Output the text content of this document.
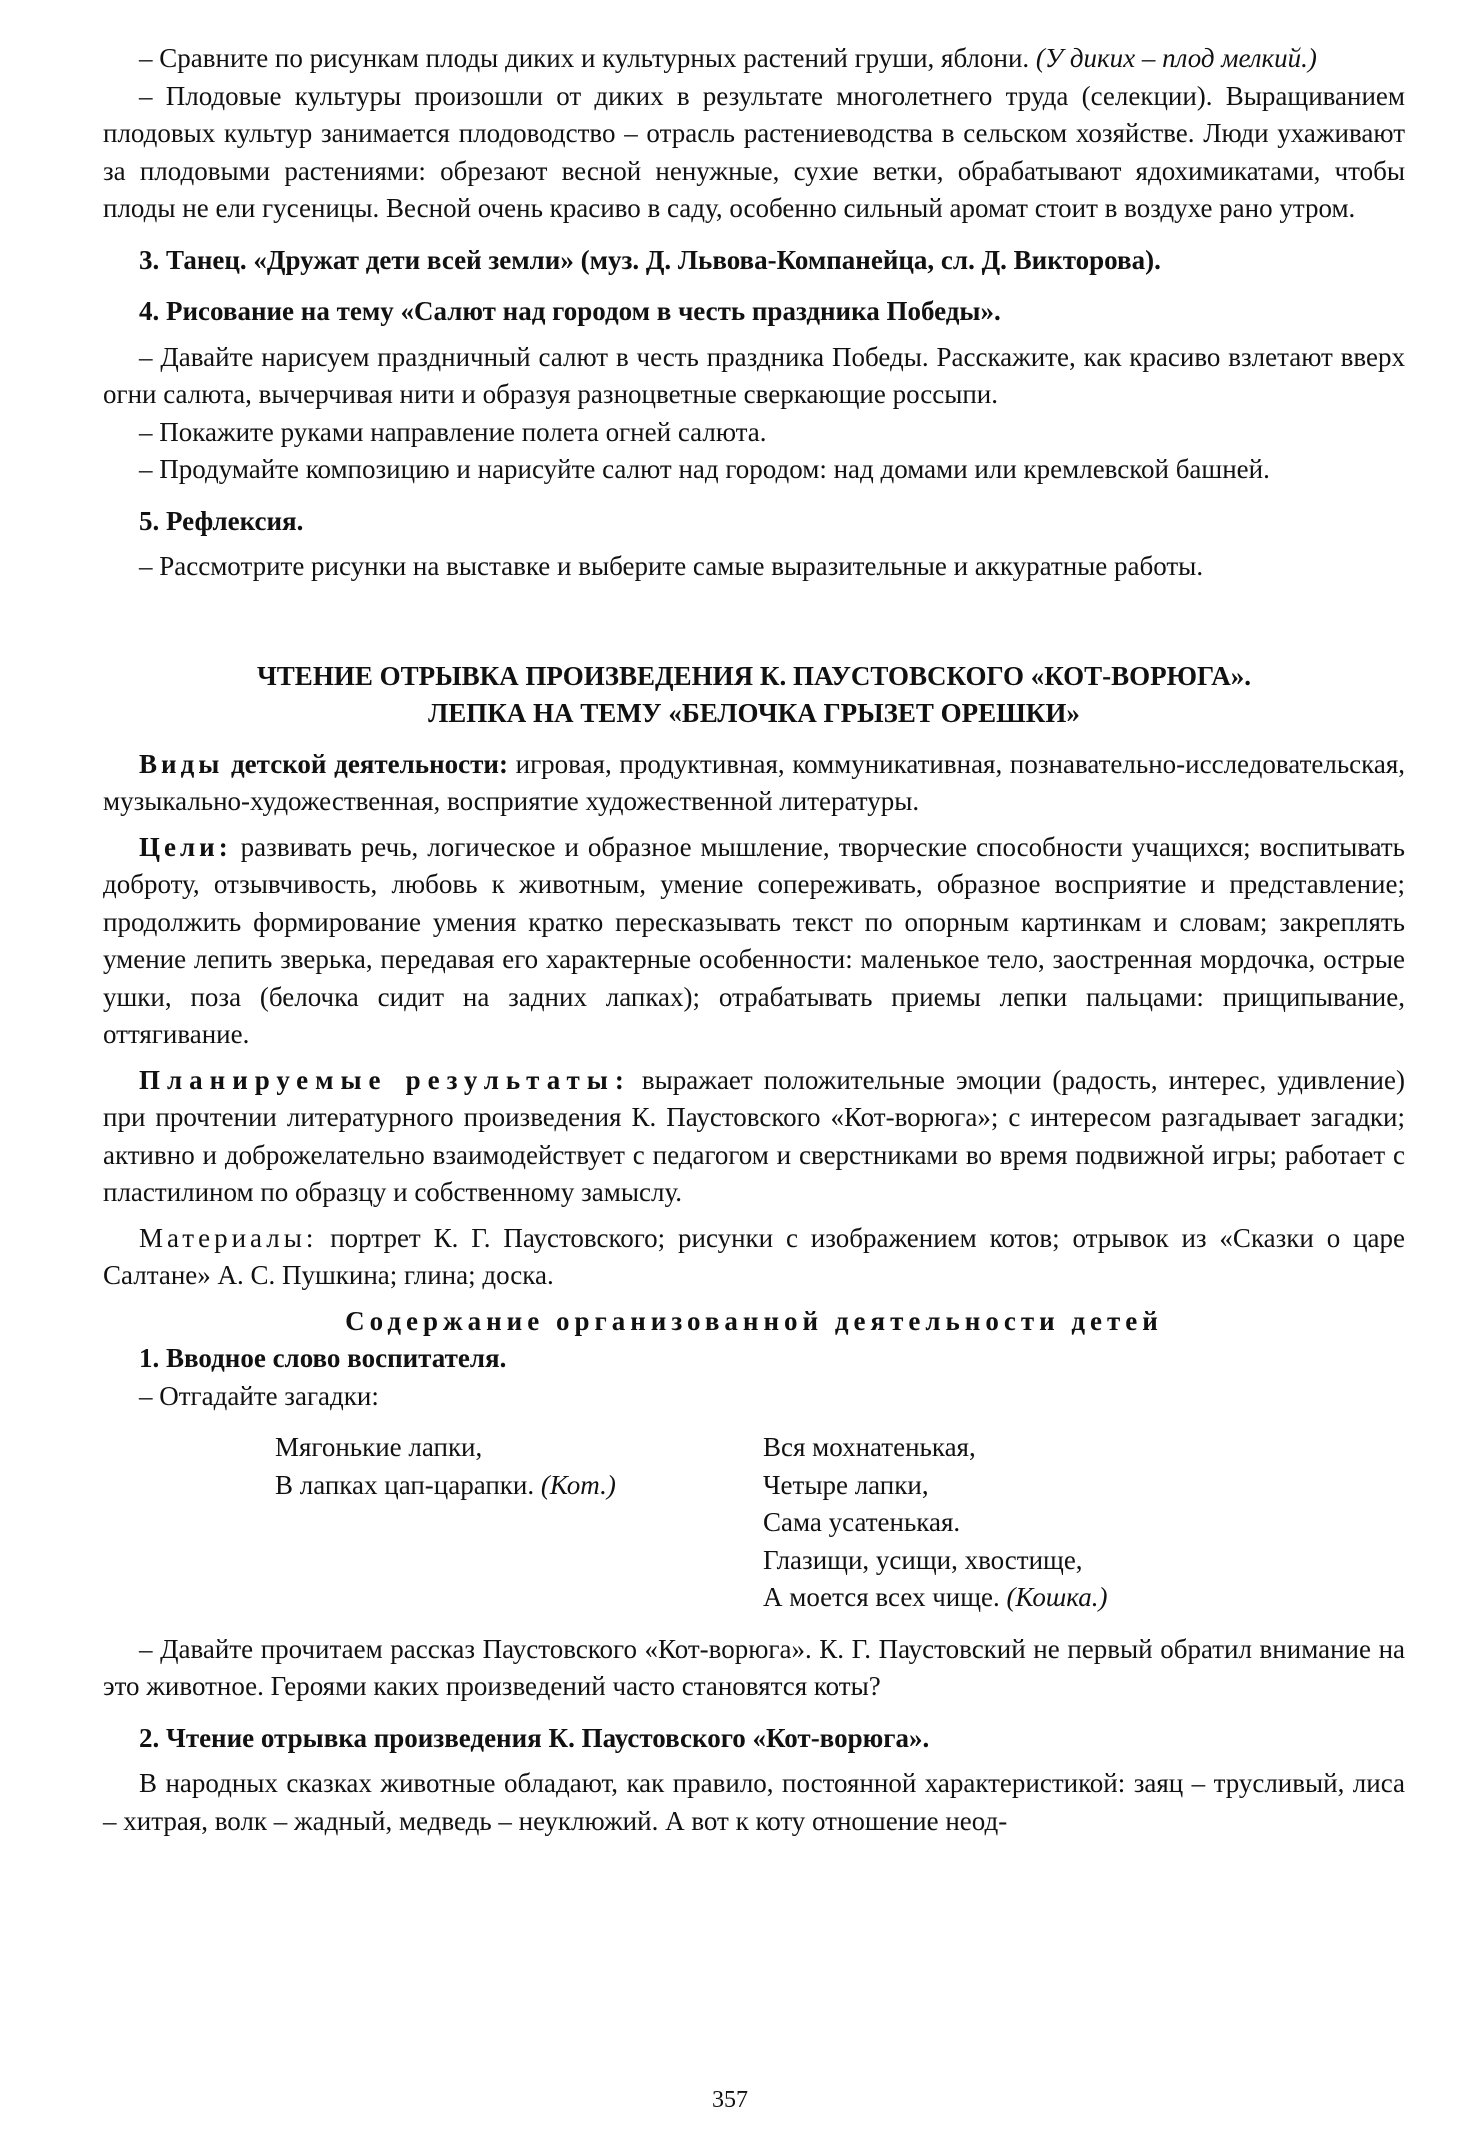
– Сравните по рисункам плоды диких и культурных растений груши, яблони. (У диких – плод мелкий.)

– Плодовые культуры произошли от диких в результате многолетнего труда (селекции). Выращиванием плодовых культур занимается плодоводство – отрасль растениеводства в сельском хозяйстве. Люди ухаживают за плодовыми растениями: обрезают весной ненужные, сухие ветки, обрабатывают ядохимикатами, чтобы плоды не ели гусеницы. Весной очень красиво в саду, особенно сильный аромат стоит в воздухе рано утром.

3. Танец. «Дружат дети всей земли» (муз. Д. Львова-Компанейца, сл. Д. Викторова).

4. Рисование на тему «Салют над городом в честь праздника Победы».

– Давайте нарисуем праздничный салют в честь праздника Победы. Расскажите, как красиво взлетают вверх огни салюта, вычерчивая нити и образуя разноцветные сверкающие россыпи.

– Покажите руками направление полета огней салюта.

– Продумайте композицию и нарисуйте салют над городом: над домами или кремлевской башней.

5. Рефлексия.

– Рассмотрите рисунки на выставке и выберите самые выразительные и аккуратные работы.

ЧТЕНИЕ ОТРЫВКА ПРОИЗВЕДЕНИЯ К. ПАУСТОВСКОГО «КОТ-ВОРЮГА».
ЛЕПКА НА ТЕМУ «БЕЛОЧКА ГРЫЗЕТ ОРЕШКИ»

Виды детской деятельности: игровая, продуктивная, коммуникативная, познавательно-исследовательская, музыкально-художественная, восприятие художественной литературы.

Цели: развивать речь, логическое и образное мышление, творческие способности учащихся; воспитывать доброту, отзывчивость, любовь к животным, умение сопереживать, образное восприятие и представление; продолжить формирование умения кратко пересказывать текст по опорным картинкам и словам; закреплять умение лепить зверька, передавая его характерные особенности: маленькое тело, заостренная мордочка, острые ушки, поза (белочка сидит на задних лапках); отрабатывать приемы лепки пальцами: прищипывание, оттягивание.

Планируемые результаты: выражает положительные эмоции (радость, интерес, удивление) при прочтении литературного произведения К. Паустовского «Кот-ворюга»; с интересом разгадывает загадки; активно и доброжелательно взаимодействует с педагогом и сверстниками во время подвижной игры; работает с пластилином по образцу и собственному замыслу.

Материалы: портрет К. Г. Паустовского; рисунки с изображением котов; отрывок из «Сказки о царе Салтане» А. С. Пушкина; глина; доска.

Содержание организованной деятельности детей

1. Вводное слово воспитателя.

– Отгадайте загадки:

Мягонькие лапки,
В лапках цап-царапки. (Кот.)
Вся мохнатенькая,
Четыре лапки,
Сама усатенькая.
Глазищи, усищи, хвостище,
А моется всех чище. (Кошка.)

– Давайте прочитаем рассказ Паустовского «Кот-ворюга». К. Г. Паустовский не первый обратил внимание на это животное. Героями каких произведений часто становятся коты?

2. Чтение отрывка произведения К. Паустовского «Кот-ворюга».

В народных сказках животные обладают, как правило, постоянной характеристикой: заяц – трусливый, лиса – хитрая, волк – жадный, медведь – неуклюжий. А вот к коту отношение неод-

357
